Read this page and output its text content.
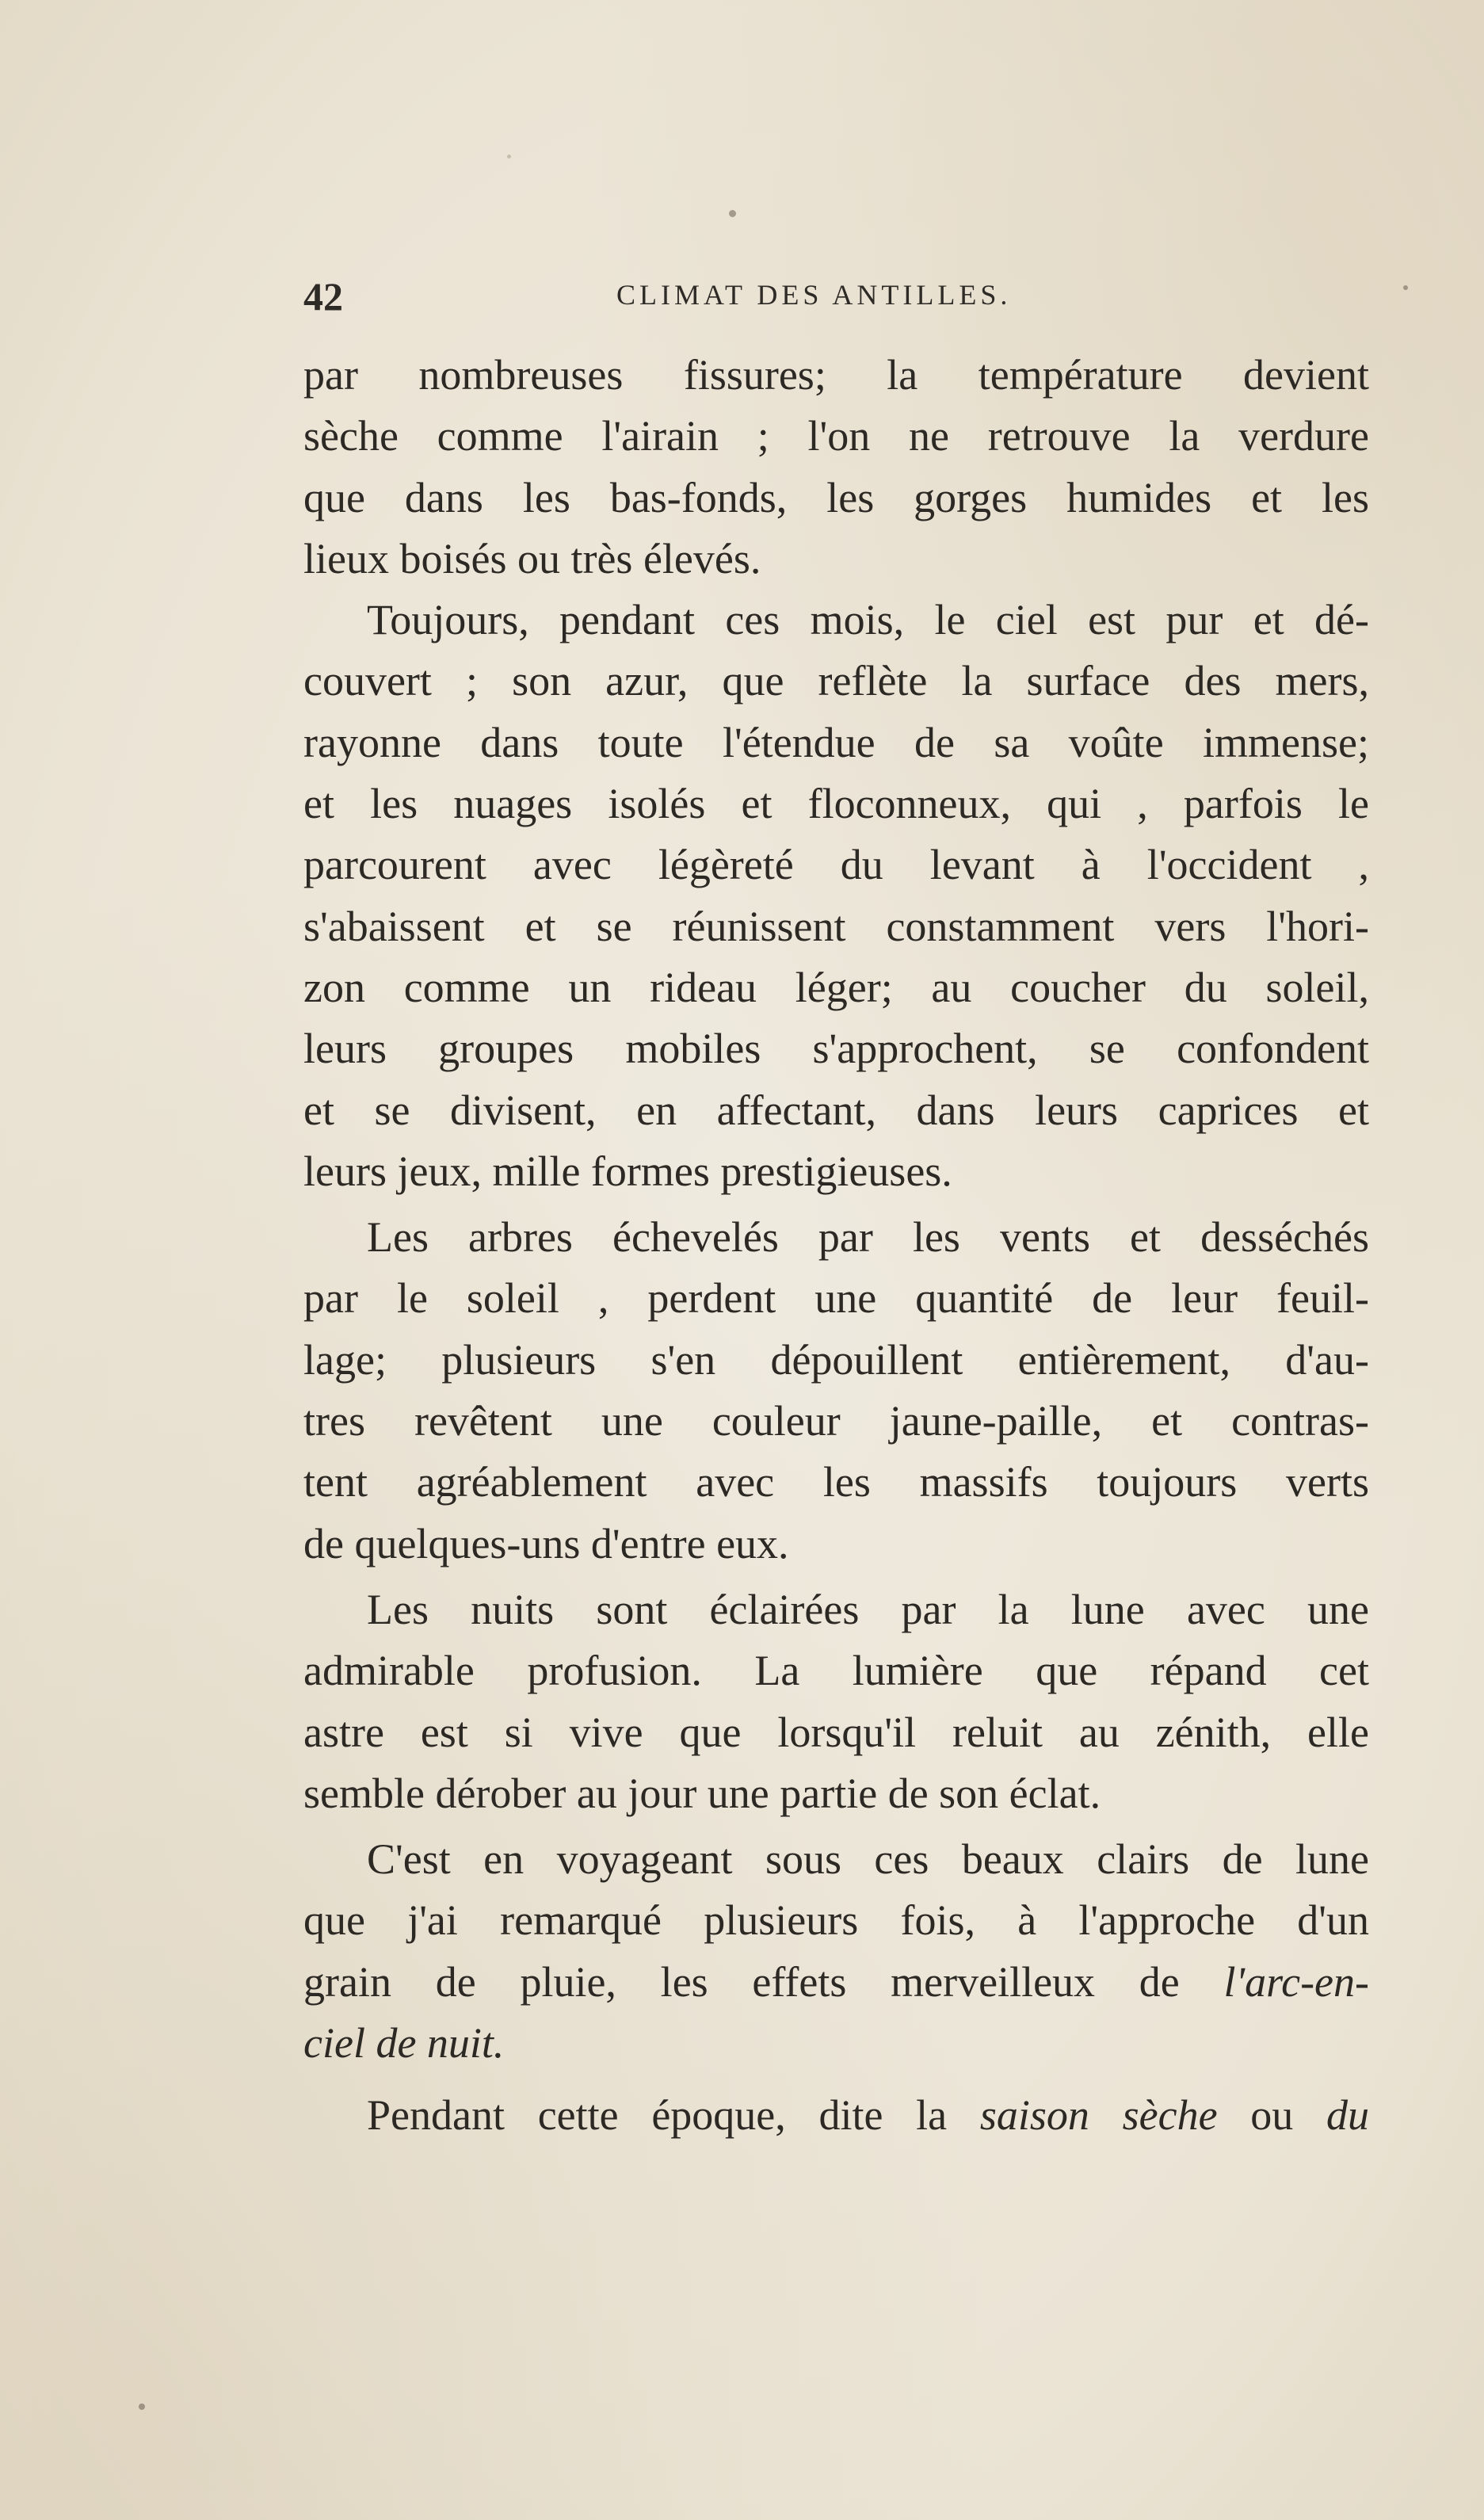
42	CLIMAT DES ANTILLES.
par nombreuses fissures; la température devient
sèche comme l'airain ; l'on ne retrouve la verdure
que dans les bas-fonds, les gorges humides et les
lieux boisés ou très élevés.
Toujours, pendant ces mois, le ciel est pur et dé-
couvert ; son azur, que reflète la surface des mers,
rayonne dans toute l'étendue de sa voûte immense;
et les nuages isolés et floconneux, qui , parfois le
parcourent avec légèreté du levant à l'occident ,
s'abaissent et se réunissent constamment vers l'hori-
zon comme un rideau léger; au coucher du soleil,
leurs groupes mobiles s'approchent, se confondent
et se divisent, en affectant, dans leurs caprices et
leurs jeux, mille formes prestigieuses.
Les arbres échevelés par les vents et desséchés
par le soleil , perdent une quantité de leur feuil-
lage; plusieurs s'en dépouillent entièrement, d'au-
tres revêtent une couleur jaune-paille, et contras-
tent agréablement avec les massifs toujours verts
de quelques-uns d'entre eux.
Les nuits sont éclairées par la lune avec une
admirable profusion. La lumière que répand cet
astre est si vive que lorsqu'il reluit au zénith, elle
semble dérober au jour une partie de son éclat.
C'est en voyageant sous ces beaux clairs de lune
que j'ai remarqué plusieurs fois, à l'approche d'un
grain de pluie, les effets merveilleux de l'arc-en-
ciel de nuit.
Pendant cette époque, dite la saison sèche ou du
